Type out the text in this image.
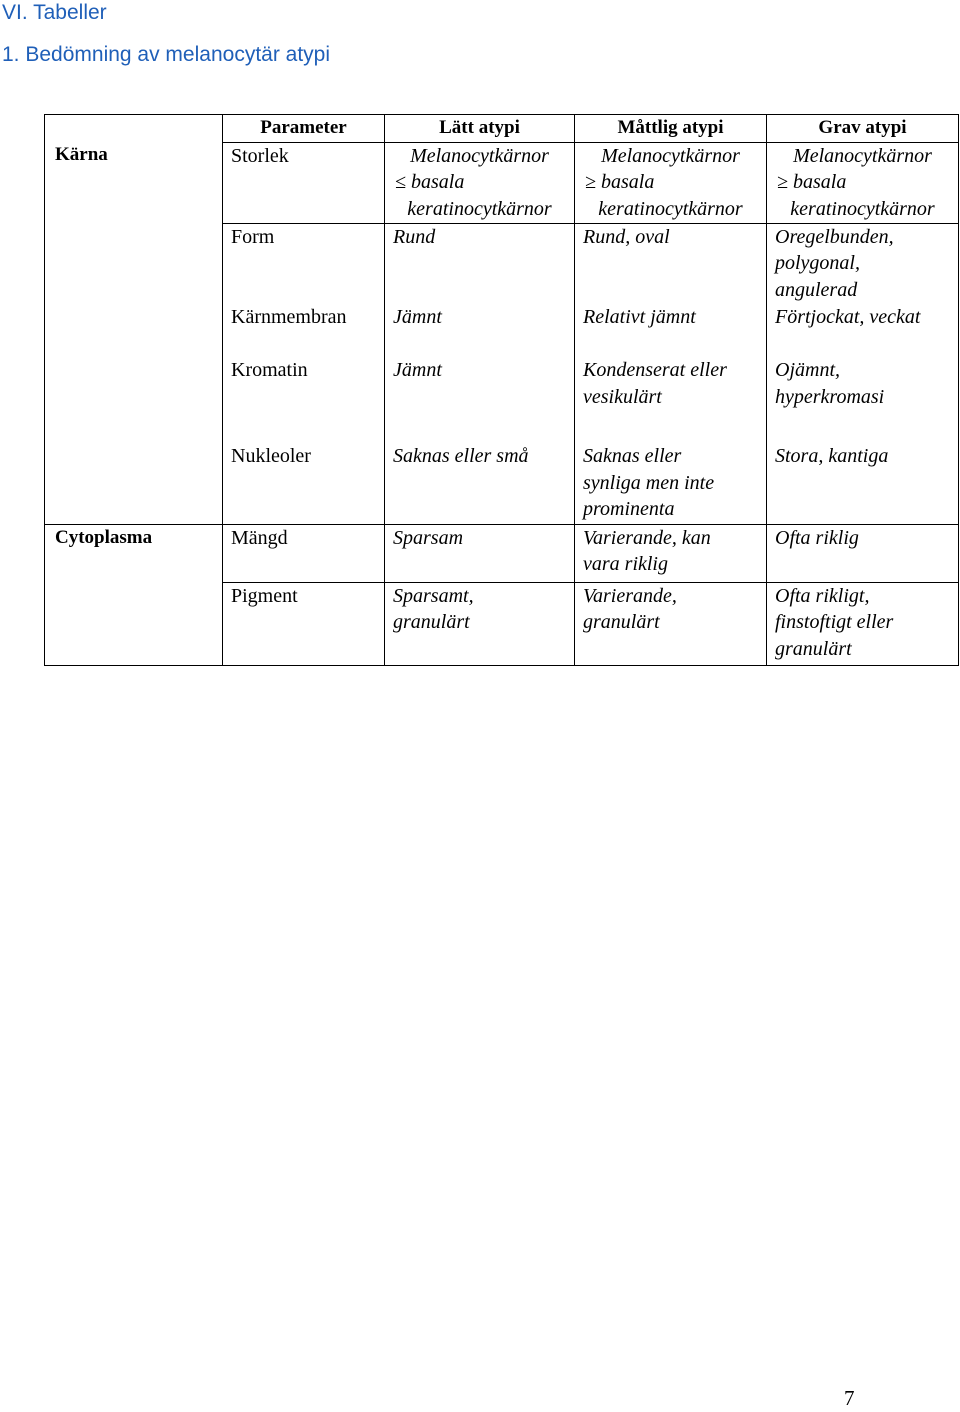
VI. Tabeller
1. Bedömning av melanocytär atypi
	Parameter	Lätt atypi	Måttlig atypi	Grav atypi
Kärna	Storlek	Melanocytkärnor
≤ basala
keratinocytkärnor	Melanocytkärnor
≥ basala
keratinocytkärnor	Melanocytkärnor
≥ basala
keratinocytkärnor

	Form	Rund	Rund, oval	Oregelbunden,
polygonal,
angulerad

	Kärnmembran	Jämnt	Relativt jämnt	Förtjockat, veckat
	Kromatin	Jämnt	Kondenserat eller
vesikulärt	Ojämnt,
hyperkromasi

	Nukleoler	Saknas eller små	Saknas eller
synliga men inte
prominenta	Stora, kantiga
Cytoplasma	Mängd	Sparsam	Varierande, kan
vara riklig	Ofta riklig
	Pigment	Sparsamt,
granulärt	Varierande,
granulärt	Ofta rikligt,
finstoftigt eller
granulärt
7
